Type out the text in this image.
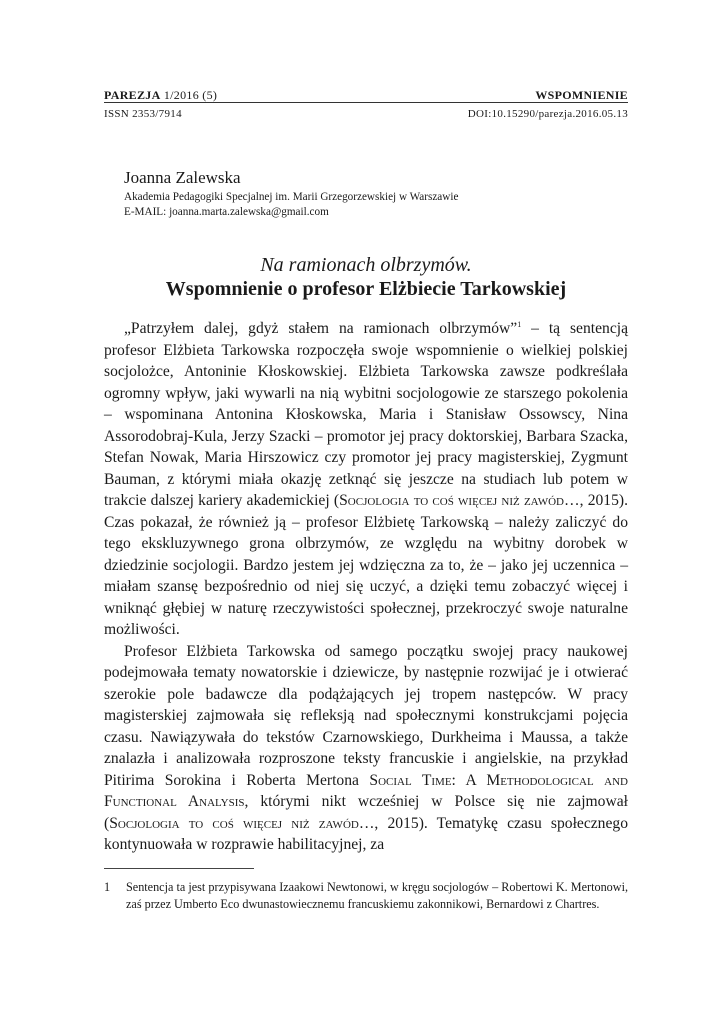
PAREZJA 1/2016 (5)	WSPOMNIENIE
ISSN 2353/7914	DOI:10.15290/parezja.2016.05.13
Joanna Zalewska
Akademia Pedagogiki Specjalnej im. Marii Grzegorzewskiej w Warszawie
E-MAIL: joanna.marta.zalewska@gmail.com
Na ramionach olbrzymów.
Wspomnienie o profesor Elżbiecie Tarkowskiej

„Patrzyłem dalej, gdyż stałem na ramionach olbrzymów”$^1$ – tą sentencją profesor Elżbieta Tarkowska rozpoczęła swoje wspomnienie o wielkiej polskiej socjolożce, Antoninie Kłoskowskiej. Elżbieta Tarkowska zawsze podkreślała ogromny wpływ, jaki wywarli na nią wybitni socjologowie ze starszego pokolenia – wspominana Antonina Kłoskowska, Maria i Stanisław Ossowscy, Nina Assorodobraj-Kula, Jerzy Szacki – promotor jej pracy doktorskiej, Barbara Szacka, Stefan Nowak, Maria Hirszowicz czy promotor jej pracy magisterskiej, Zygmunt Bauman, z którymi miała okazję zetknąć się jeszcze na studiach lub potem w trakcie dalszej kariery akademickiej (Socjologia to coś więcej niż zawód…, 2015). Czas pokazał, że również ją – profesor Elżbietę Tarkowską – należy zaliczyć do tego ekskluzywnego grona olbrzymów, ze względu na wybitny dorobek w dziedzinie socjologii. Bardzo jestem jej wdzięczna za to, że – jako jej uczennica – miałam szansę bezpośrednio od niej się uczyć, a dzięki temu zobaczyć więcej i wniknąć głębiej w naturę rzeczywistości społecznej, przekroczyć swoje naturalne możliwości.

Profesor Elżbieta Tarkowska od samego początku swojej pracy naukowej podejmowała tematy nowatorskie i dziewicze, by następnie rozwijać je i otwierać szerokie pole badawcze dla podążających jej tropem następców. W pracy magisterskiej zajmowała się refleksją nad społecznymi konstrukcjami pojęcia czasu. Nawiązywała do tekstów Czarnowskiego, Durkheima i Maussa, a także znalazła i analizowała rozproszone teksty francuskie i angielskie, na przykład Pitirima Sorokina i Roberta Mertona Social Time: A Methodological and Functional Analysis, którymi nikt wcześniej w Polsce się nie zajmował (Socjologia to coś więcej niż zawód…, 2015). Tematykę czasu społecznego kontynuowała w rozprawie habilitacyjnej, za

1 Sentencja ta jest przypisywana Izaakowi Newtonowi, w kręgu socjologów – Robertowi K. Mertonowi, zaś przez Umberto Eco dwunastowiecznemu francuskiemu zakonnikowi, Bernardowi z Chartres.
